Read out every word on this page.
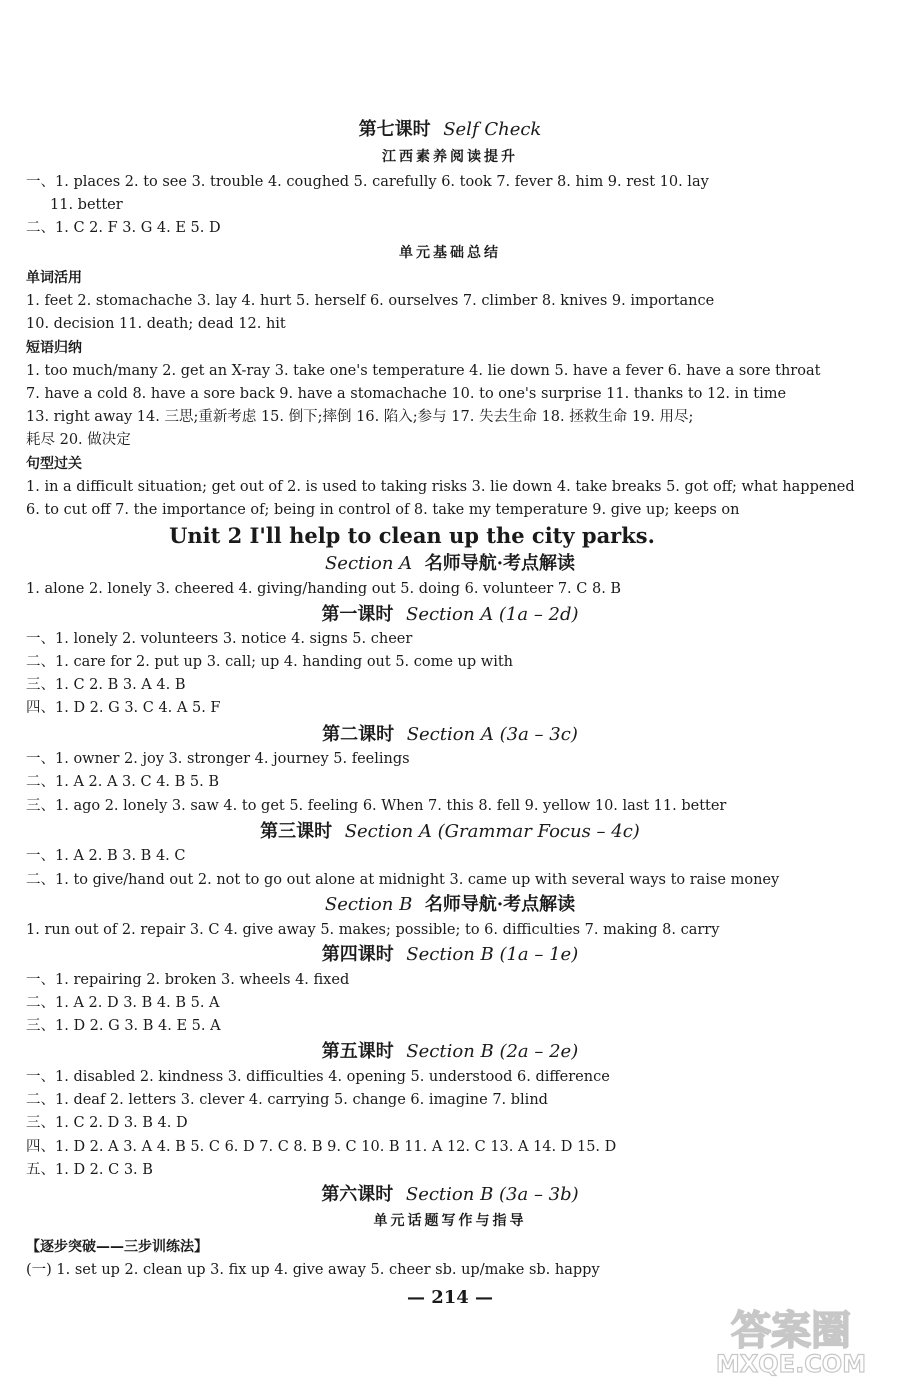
第七课时 Self Check
江西素养阅读提升
一、1. places 2. to see 3. trouble 4. coughed 5. carefully 6. took 7. fever 8. him 9. rest 10. lay
11. better
二、1. C 2. F 3. G 4. E 5. D
单元基础总结
单词活用
1. feet 2. stomachache 3. lay 4. hurt 5. herself 6. ourselves 7. climber 8. knives 9. importance
10. decision 11. death; dead 12. hit
短语归纳
1. too much/many 2. get an X-ray 3. take one's temperature 4. lie down 5. have a fever 6. have a sore throat
7. have a cold 8. have a sore back 9. have a stomachache 10. to one's surprise 11. thanks to 12. in time
13. right away 14. 三思;重新考虑 15. 倒下;摔倒 16. 陷入;参与 17. 失去生命 18. 拯救生命 19. 用尽;
耗尽 20. 做决定
句型过关
1. in a difficult situation; get out of 2. is used to taking risks 3. lie down 4. take breaks 5. got off; what happened
6. to cut off 7. the importance of; being in control of 8. take my temperature 9. give up; keeps on
Unit 2 I'll help to clean up the city parks.
Section A 名师导航·考点解读
1. alone 2. lonely 3. cheered 4. giving/handing out 5. doing 6. volunteer 7. C 8. B
第一课时 Section A (1a – 2d)
一、1. lonely 2. volunteers 3. notice 4. signs 5. cheer
二、1. care for 2. put up 3. call; up 4. handing out 5. come up with
三、1. C 2. B 3. A 4. B
四、1. D 2. G 3. C 4. A 5. F
第二课时 Section A (3a – 3c)
一、1. owner 2. joy 3. stronger 4. journey 5. feelings
二、1. A 2. A 3. C 4. B 5. B
三、1. ago 2. lonely 3. saw 4. to get 5. feeling 6. When 7. this 8. fell 9. yellow 10. last 11. better
第三课时 Section A (Grammar Focus – 4c)
一、1. A 2. B 3. B 4. C
二、1. to give/hand out 2. not to go out alone at midnight 3. came up with several ways to raise money
Section B 名师导航·考点解读
1. run out of 2. repair 3. C 4. give away 5. makes; possible; to 6. difficulties 7. making 8. carry
第四课时 Section B (1a – 1e)
一、1. repairing 2. broken 3. wheels 4. fixed
二、1. A 2. D 3. B 4. B 5. A
三、1. D 2. G 3. B 4. E 5. A
第五课时 Section B (2a – 2e)
一、1. disabled 2. kindness 3. difficulties 4. opening 5. understood 6. difference
二、1. deaf 2. letters 3. clever 4. carrying 5. change 6. imagine 7. blind
三、1. C 2. D 3. B 4. D
四、1. D 2. A 3. A 4. B 5. C 6. D 7. C 8. B 9. C 10. B 11. A 12. C 13. A 14. D 15. D
五、1. D 2. C 3. B
第六课时 Section B (3a – 3b)
单元话题写作与指导
【逐步突破——三步训练法】
(一) 1. set up 2. clean up 3. fix up 4. give away 5. cheer sb. up/make sb. happy
— 214 —
答案圈
MXQE.COM
